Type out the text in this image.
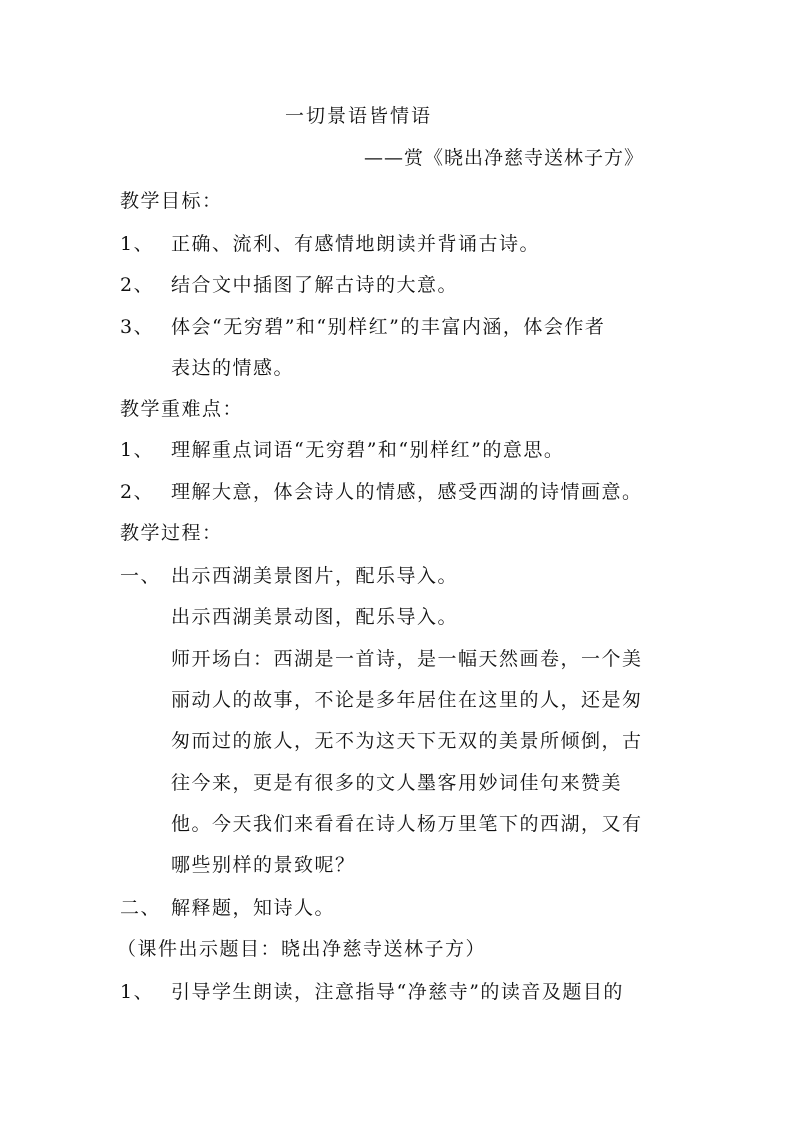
一切景语皆情语
——赏《晓出净慈寺送林子方》
教学目标：
1、 正确、流利、有感情地朗读并背诵古诗。
2、 结合文中插图了解古诗的大意。
3、 体会“无穷碧”和“别样红”的丰富内涵，体会作者
表达的情感。
教学重难点：
1、 理解重点词语“无穷碧”和“别样红”的意思。
2、 理解大意，体会诗人的情感，感受西湖的诗情画意。
教学过程：
一、 出示西湖美景图片，配乐导入。
出示西湖美景动图，配乐导入。
师开场白：西湖是一首诗，是一幅天然画卷，一个美
丽动人的故事，不论是多年居住在这里的人，还是匆
匆而过的旅人，无不为这天下无双的美景所倾倒，古
往今来，更是有很多的文人墨客用妙词佳句来赞美
他。今天我们来看看在诗人杨万里笔下的西湖，又有
哪些别样的景致呢？
二、 解释题，知诗人。
（课件出示题目：晓出净慈寺送林子方）
1、 引导学生朗读，注意指导“净慈寺”的读音及题目的
